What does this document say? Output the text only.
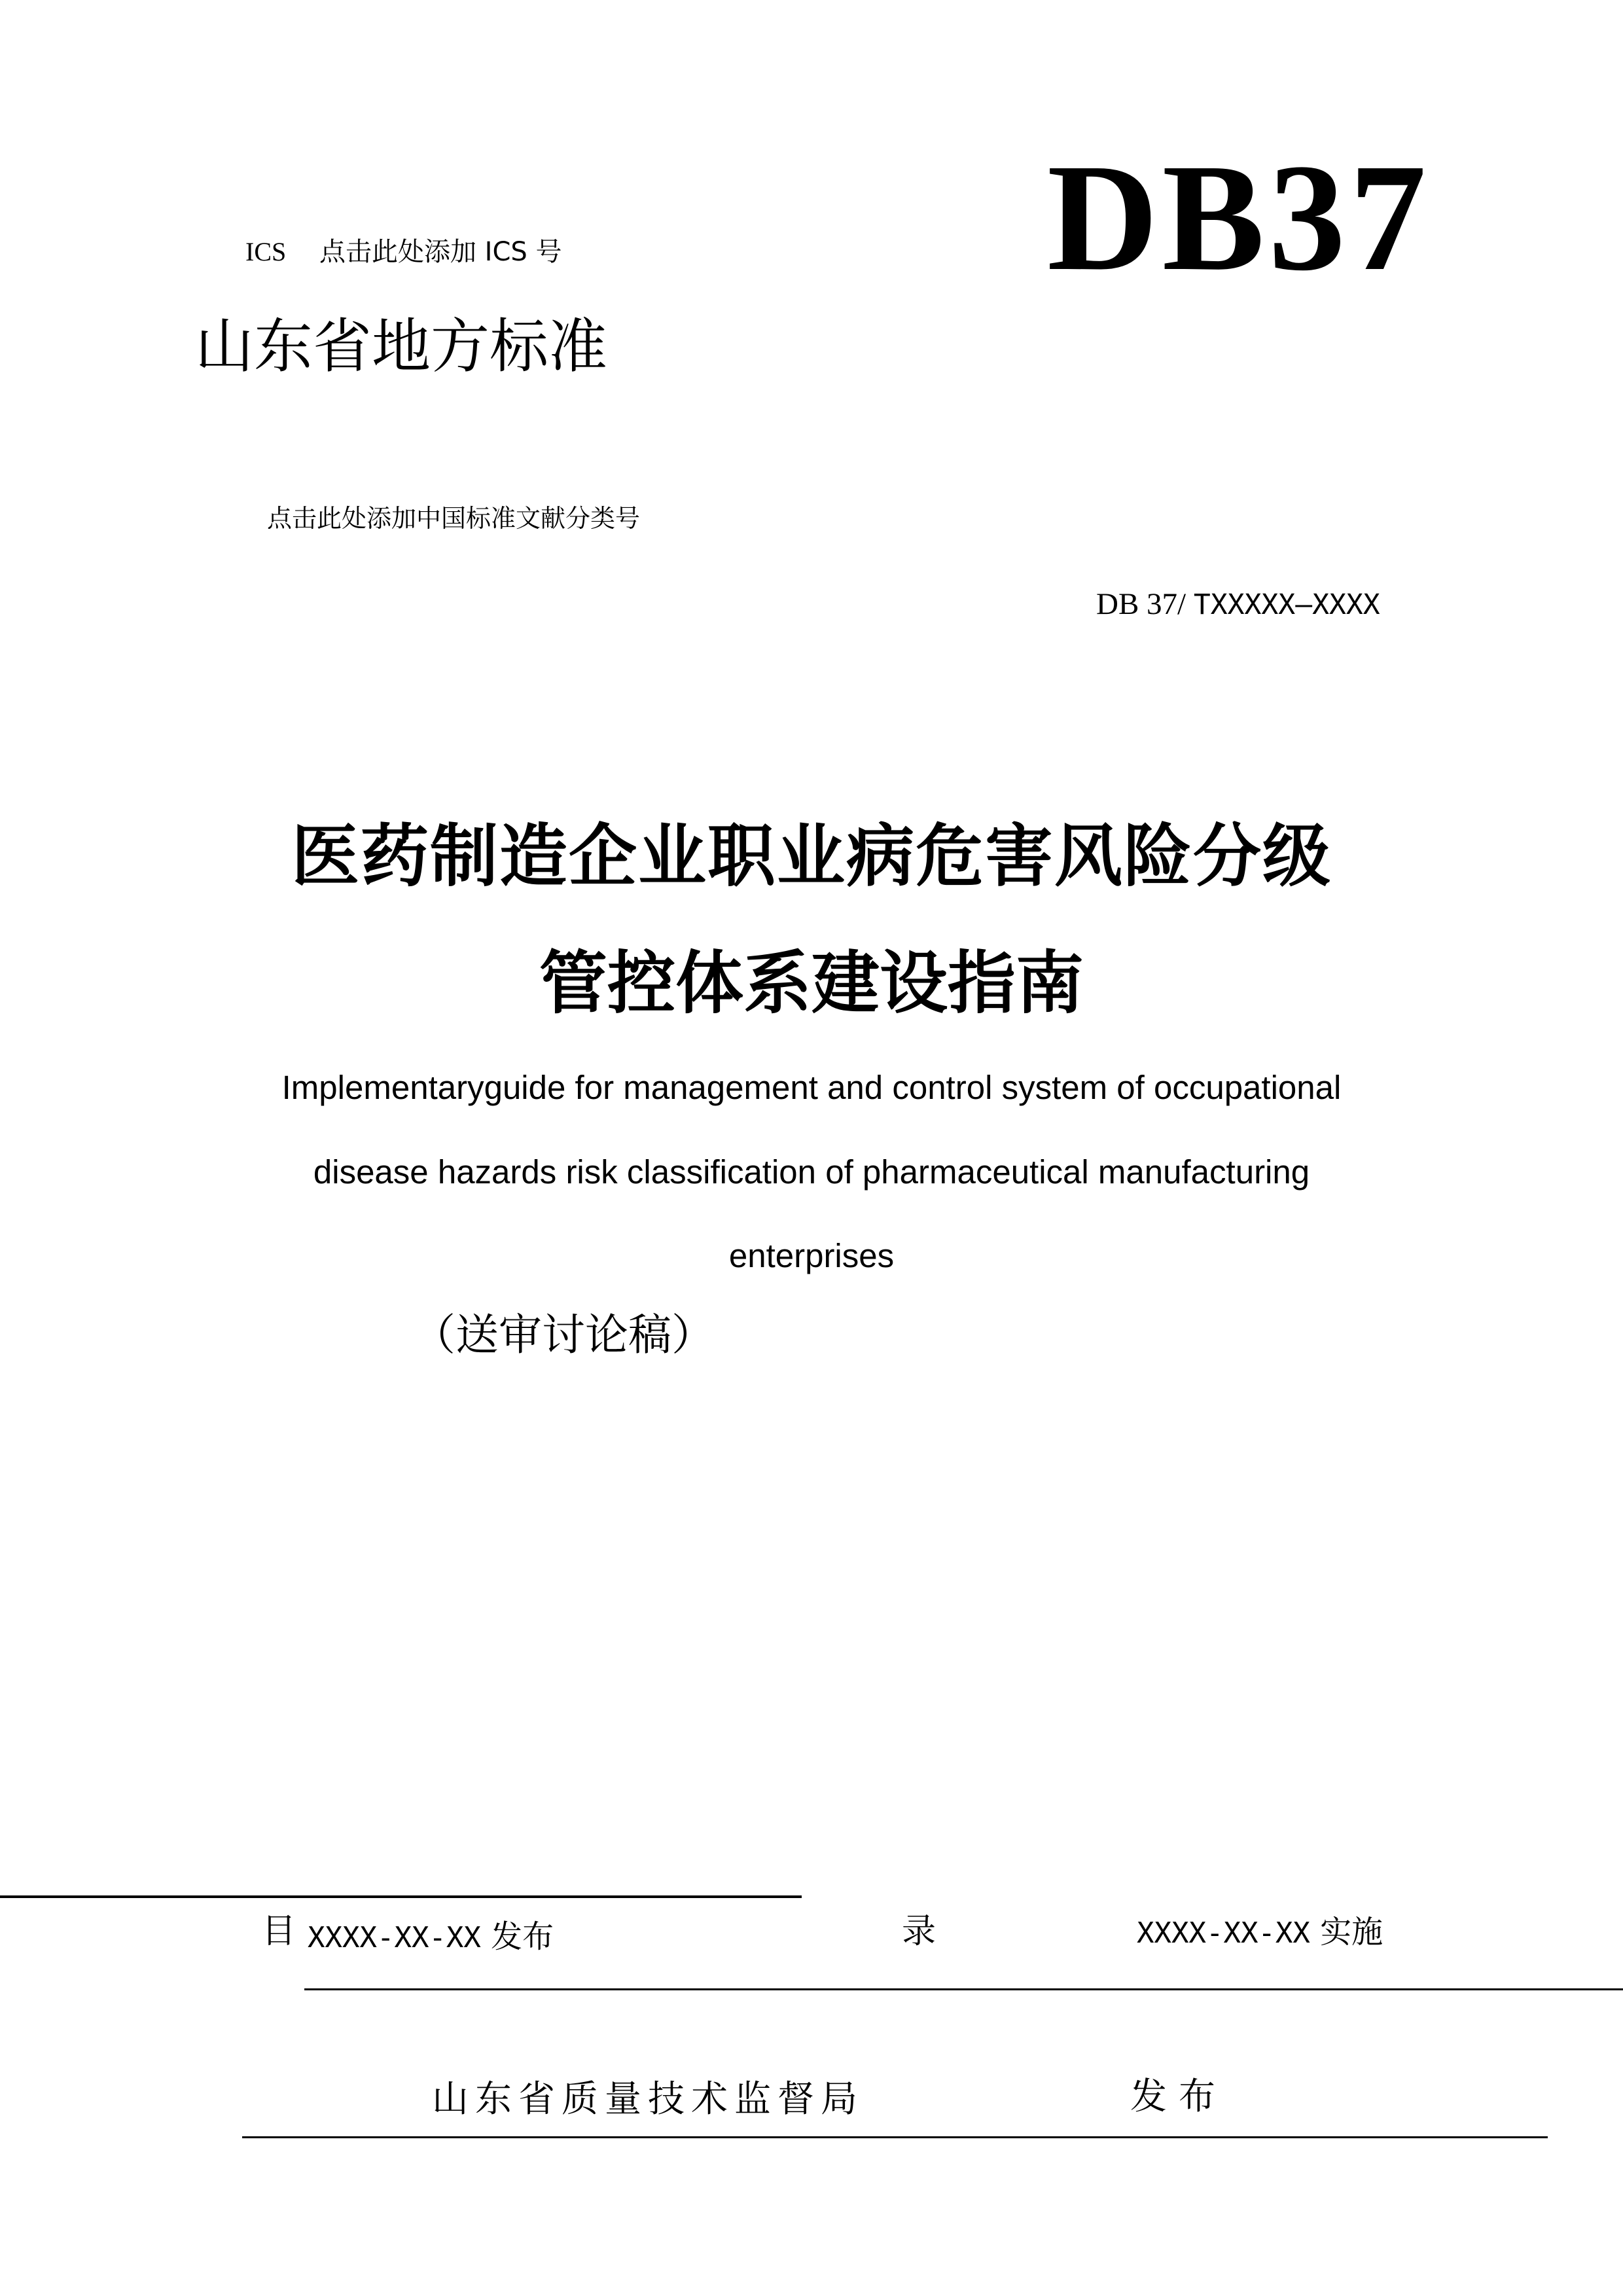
DB37
ICS 点击此处添加 ICS 号
山东省地方标准
点击此处添加中国标准文献分类号
DB 37/ TXXXXX—XXXX
医药制造企业职业病危害风险分级
管控体系建设指南
Implementaryguide for management and control system of occupational
disease hazards risk classification of pharmaceutical manufacturing
enterprises
（送审讨论稿）
目 XXXX-XX-XX 发布	录	XXXX-XX-XX 实施
山东省质量技术监督局	发布
